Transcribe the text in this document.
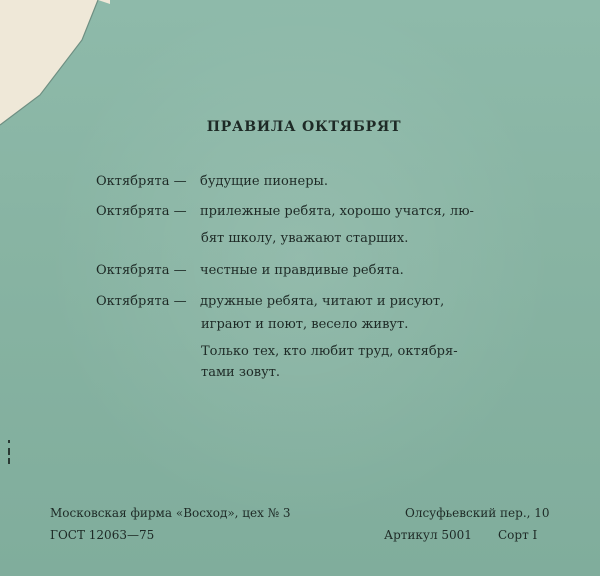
ПРАВИЛА ОКТЯБРЯТ
Октябрята — будущие пионеры.
Октябрята — прилежные ребята, хорошо учатся, лю-
бят школу, уважают старших.
Октябрята — честные и правдивые ребята.
Октябрята — дружные ребята, читают и рисуют,
играют и поют, весело живут.
Только тех, кто любит труд, октября-
тами зовут.
Московская фирма «Восход», цех № 3
ГОСТ 12063—75
Олсуфьевский пер., 10
Артикул 5001 Сорт I
